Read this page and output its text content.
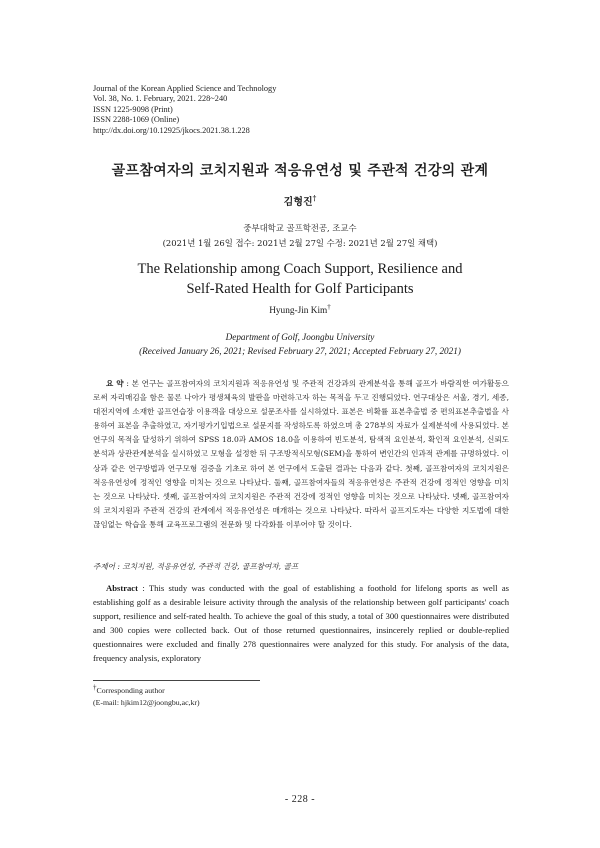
Journal of the Korean Applied Science and Technology
Vol. 38, No. 1. February, 2021. 228~240
ISSN 1225-9098 (Print)
ISSN 2288-1069 (Online)
http://dx.doi.org/10.12925/jkocs.2021.38.1.228
골프참여자의 코치지원과 적응유연성 및 주관적 건강의 관계
김형진†
중부대학교 골프학전공, 조교수
(2021년 1월 26일 접수: 2021년 2월 27일 수정: 2021년 2월 27일 채택)
The Relationship among Coach Support, Resilience and
Self-Rated Health for Golf Participants
Hyung-Jin Kim†
Department of Golf, Joongbu University
(Received January 26, 2021; Revised February 27, 2021; Accepted February 27, 2021)
요 약 : 본 연구는 골프참여자의 코치지원과 적응유연성 및 주관적 건강과의 관계분석을 통해 골프가 바람직한 여가활동으로써 자리매김을 함은 물론 나아가 평생체육의 발판을 마련하고자 하는 목적을 두고 진행되었다. 연구대상은 서울, 경기, 세종, 대전지역에 소재한 골프연습장 이용객을 대상으로 설문조사를 실시하였다. 표본은 비확률 표본추출법 중 편의표본추출법을 사용하여 표본을 추출하였고, 자기평가기입법으로 설문지를 작성하도록 하였으며 총 278부의 자료가 실제분석에 사용되었다. 본 연구의 목적을 달성하기 위하여 SPSS 18.0과 AMOS 18.0을 이용하여 빈도분석, 탐색적 요인분석, 확인적 요인분석, 신뢰도분석과 상관관계분석을 실시하였고 모형을 설정한 뒤 구조방적식모형(SEM)을 통하여 변인간의 인과적 관계를 규명하였다. 이상과 같은 연구방법과 연구모형 검증을 기초로 하여 본 연구에서 도출된 결과는 다음과 같다. 첫째, 골프참여자의 코치지원은 적응유연성에 정적인 영향을 미치는 것으로 나타났다. 둘째, 골프참여자들의 적응유연성은 주관적 건강에 정적인 영향을 미치는 것으로 나타났다. 셋째, 골프참여자의 코치지원은 주관적 건강에 정적인 영향을 미치는 것으로 나타났다. 넷째, 골프참여자의 코치지원과 주관적 건강의 관계에서 적응유연성은 매개하는 것으로 나타났다. 따라서 골프지도자는 다양한 지도법에 대한 끊임없는 학습을 통해 교육프로그램의 전문화 및 다각화를 이루어야 할 것이다.
주제어 : 코치지원, 적응유연성, 주관적 건강, 골프참여자, 골프
Abstract : This study was conducted with the goal of establishing a foothold for lifelong sports as well as establishing golf as a desirable leisure activity through the analysis of the relationship between golf participants' coach support, resilience and self-rated health. To achieve the goal of this study, a total of 300 questionnaires were distributed and 300 copies were collected back. Out of those returned questionnaires, insincerely replied or double-replied questionnaires were excluded and finally 278 questionnaires were analyzed for this study. For analysis of the data, frequency analysis, exploratory
†Corresponding author
(E-mail: hjkim12@joongbu,ac,kr)
- 228 -
